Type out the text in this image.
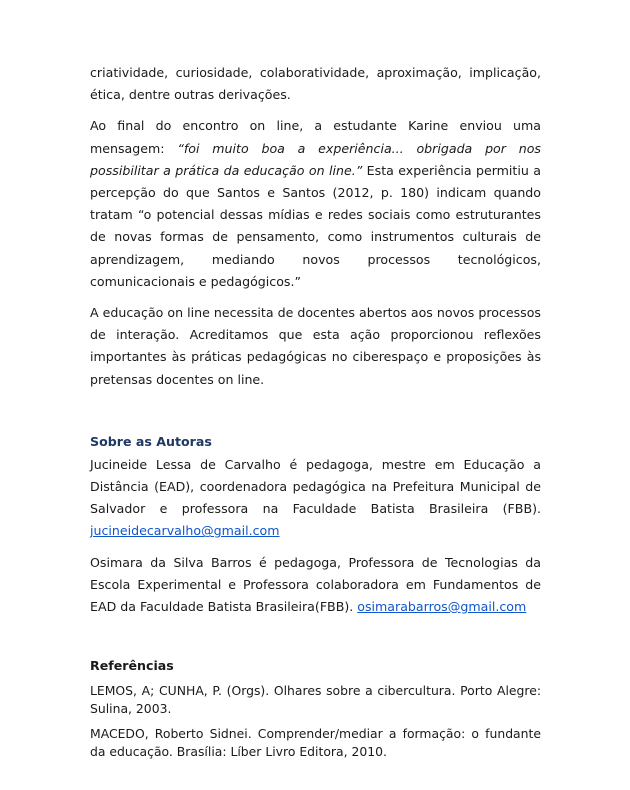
criatividade, curiosidade, colaboratividade, aproximação, implicação, ética, dentre outras derivações.

Ao final do encontro on line, a estudante Karine enviou uma mensagem: “foi muito boa a experiência... obrigada por nos possibilitar a prática da educação on line.” Esta experiência permitiu a percepção do que Santos e Santos (2012, p. 180) indicam quando tratam “o potencial dessas mídias e redes sociais como estruturantes de novas formas de pensamento, como instrumentos culturais de aprendizagem, mediando novos processos tecnológicos, comunicacionais e pedagógicos.”

A educação on line necessita de docentes abertos aos novos processos de interação. Acreditamos que esta ação proporcionou reflexões importantes às práticas pedagógicas no ciberespaço e proposições às pretensas docentes on line.

Sobre as Autoras

Jucineide Lessa de Carvalho é pedagoga, mestre em Educação a Distância (EAD), coordenadora pedagógica na Prefeitura Municipal de Salvador e professora na Faculdade Batista Brasileira (FBB). jucineidecarvalho@gmail.com

Osimara da Silva Barros é pedagoga, Professora de Tecnologias da Escola Experimental e Professora colaboradora em Fundamentos de EAD da Faculdade Batista Brasileira(FBB). osimarabarros@gmail.com

Referências

LEMOS, A; CUNHA, P. (Orgs). Olhares sobre a cibercultura. Porto Alegre: Sulina, 2003.

MACEDO, Roberto Sidnei. Comprender/mediar a formação: o fundante da educação. Brasília: Líber Livro Editora, 2010.
